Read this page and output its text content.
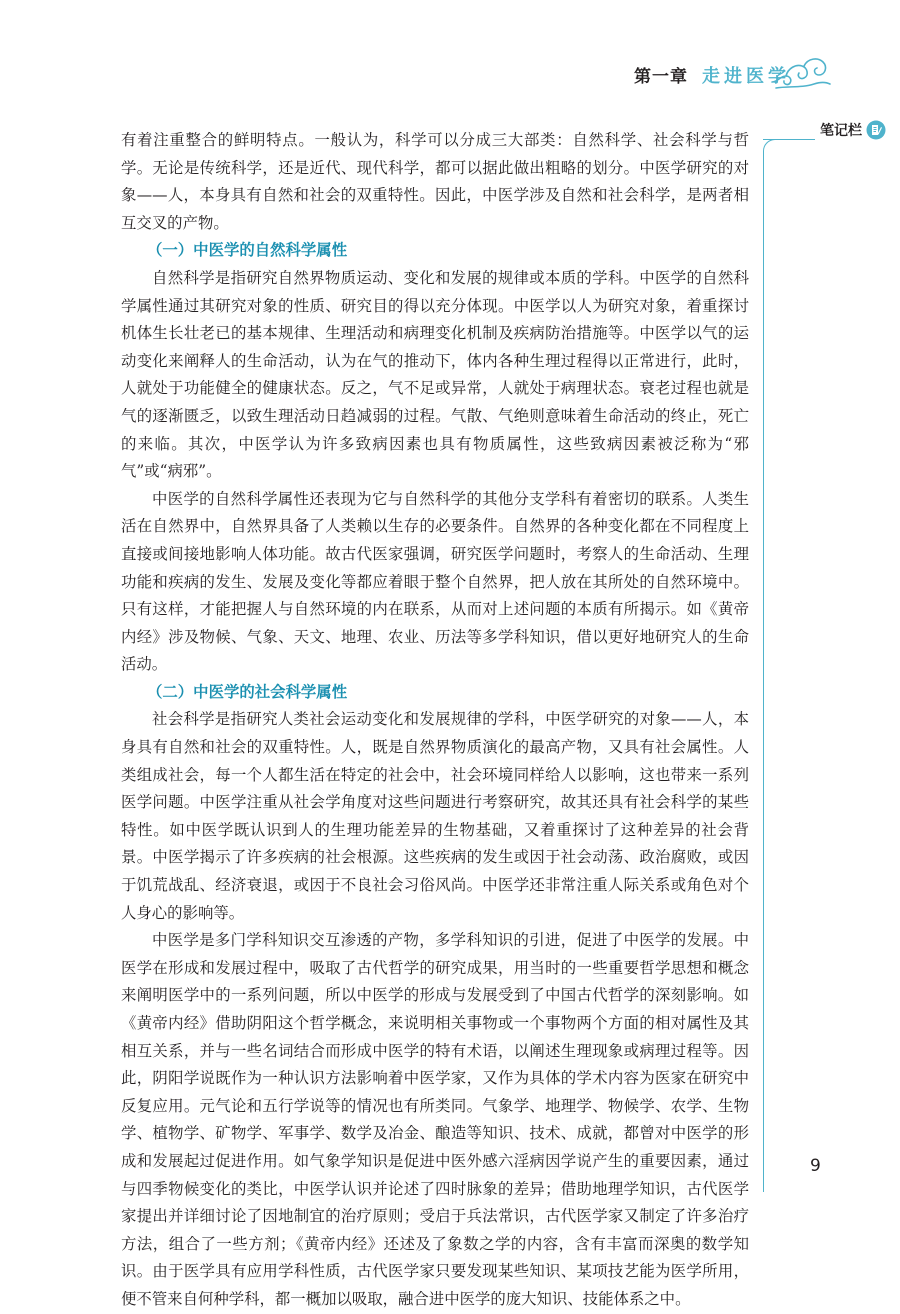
第一章 走进医学
笔记栏

有着注重整合的鲜明特点。一般认为，科学可以分成三大部类：自然科学、社会科学与哲学。无论是传统科学，还是近代、现代科学，都可以据此做出粗略的划分。中医学研究的对象——人，本身具有自然和社会的双重特性。因此，中医学涉及自然和社会科学，是两者相互交叉的产物。

（一）中医学的自然科学属性

自然科学是指研究自然界物质运动、变化和发展的规律或本质的学科。中医学的自然科学属性通过其研究对象的性质、研究目的得以充分体现。中医学以人为研究对象，着重探讨机体生长壮老已的基本规律、生理活动和病理变化机制及疾病防治措施等。中医学以气的运动变化来阐释人的生命活动，认为在气的推动下，体内各种生理过程得以正常进行，此时，人就处于功能健全的健康状态。反之，气不足或异常，人就处于病理状态。衰老过程也就是气的逐渐匮乏，以致生理活动日趋减弱的过程。气散、气绝则意味着生命活动的终止，死亡的来临。其次，中医学认为许多致病因素也具有物质属性，这些致病因素被泛称为“邪气”或“病邪”。

中医学的自然科学属性还表现为它与自然科学的其他分支学科有着密切的联系。人类生活在自然界中，自然界具备了人类赖以生存的必要条件。自然界的各种变化都在不同程度上直接或间接地影响人体功能。故古代医家强调，研究医学问题时，考察人的生命活动、生理功能和疾病的发生、发展及变化等都应着眼于整个自然界，把人放在其所处的自然环境中。只有这样，才能把握人与自然环境的内在联系，从而对上述问题的本质有所揭示。如《黄帝内经》涉及物候、气象、天文、地理、农业、历法等多学科知识，借以更好地研究人的生命活动。

（二）中医学的社会科学属性

社会科学是指研究人类社会运动变化和发展规律的学科，中医学研究的对象——人，本身具有自然和社会的双重特性。人，既是自然界物质演化的最高产物，又具有社会属性。人类组成社会，每一个人都生活在特定的社会中，社会环境同样给人以影响，这也带来一系列医学问题。中医学注重从社会学角度对这些问题进行考察研究，故其还具有社会科学的某些特性。如中医学既认识到人的生理功能差异的生物基础，又着重探讨了这种差异的社会背景。中医学揭示了许多疾病的社会根源。这些疾病的发生或因于社会动荡、政治腐败，或因于饥荒战乱、经济衰退，或因于不良社会习俗风尚。中医学还非常注重人际关系或角色对个人身心的影响等。

中医学是多门学科知识交互渗透的产物，多学科知识的引进，促进了中医学的发展。中医学在形成和发展过程中，吸取了古代哲学的研究成果，用当时的一些重要哲学思想和概念来阐明医学中的一系列问题，所以中医学的形成与发展受到了中国古代哲学的深刻影响。如《黄帝内经》借助阴阳这个哲学概念，来说明相关事物或一个事物两个方面的相对属性及其相互关系，并与一些名词结合而形成中医学的特有术语，以阐述生理现象或病理过程等。因此，阴阳学说既作为一种认识方法影响着中医学家，又作为具体的学术内容为医家在研究中反复应用。元气论和五行学说等的情况也有所类同。气象学、地理学、物候学、农学、生物学、植物学、矿物学、军事学、数学及冶金、酿造等知识、技术、成就，都曾对中医学的形成和发展起过促进作用。如气象学知识是促进中医外感六淫病因学说产生的重要因素，通过与四季物候变化的类比，中医学认识并论述了四时脉象的差异；借助地理学知识，古代医学家提出并详细讨论了因地制宜的治疗原则；受启于兵法常识，古代医学家又制定了许多治疗方法，组合了一些方剂；《黄帝内经》还述及了象数之学的内容，含有丰富而深奥的数学知识。由于医学具有应用学科性质，古代医学家只要发现某些知识、某项技艺能为医学所用，便不管来自何种学科，都一概加以吸取，融合进中医学的庞大知识、技能体系之中。

9
